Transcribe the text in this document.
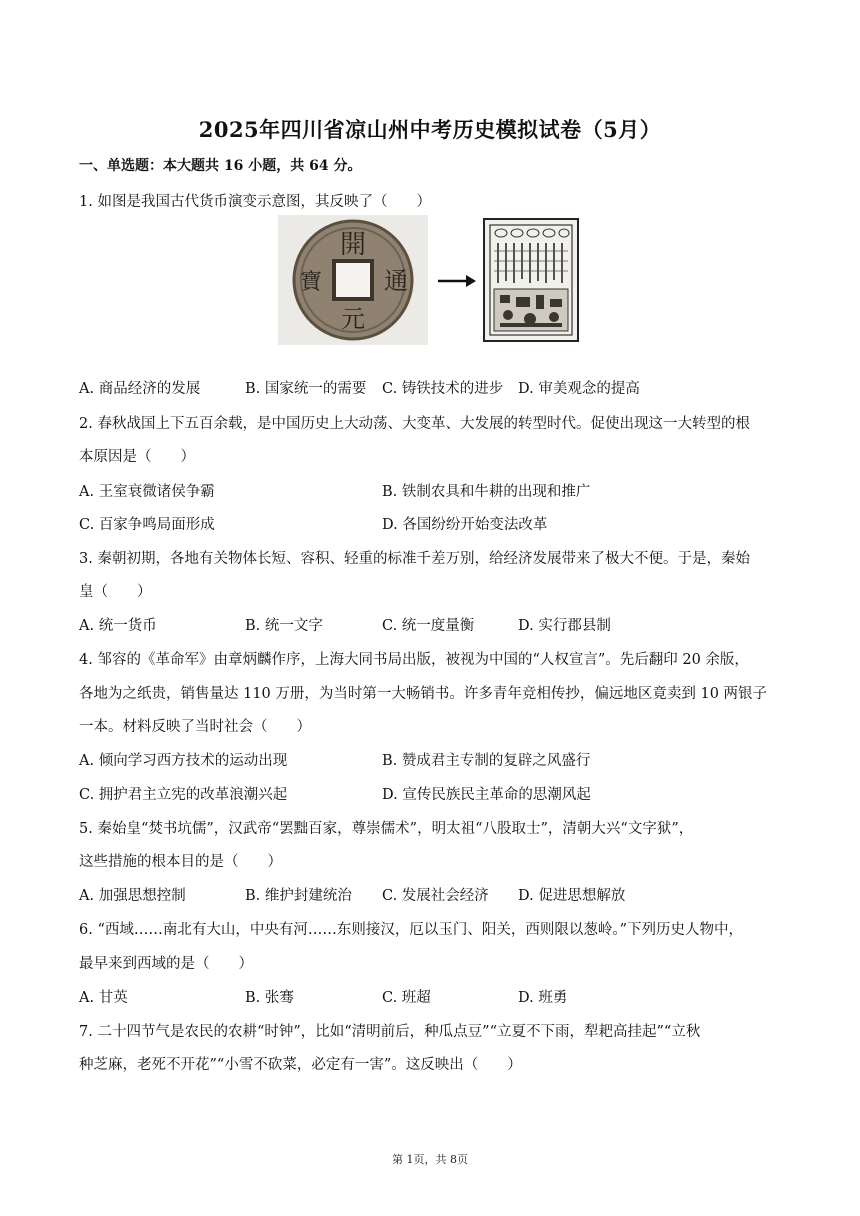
2025年四川省凉山州中考历史模拟试卷（5月）
一、单选题：本大题共 16 小题，共 64 分。
1. 如图是我国古代货币演变示意图，其反映了（　　）
開
通
元
寶
A. 商品经济的发展	B. 国家统一的需要 C. 铸铁技术的进步 D. 审美观念的提高
2. 春秋战国上下五百余载，是中国历史上大动荡、大变革、大发展的转型时代。促使出现这一大转型的根
本原因是（　　）
A. 王室衰微诸侯争霸	B. 铁制农具和牛耕的出现和推广
C. 百家争鸣局面形成	D. 各国纷纷开始变法改革
3. 秦朝初期，各地有关物体长短、容积、轻重的标准千差万别，给经济发展带来了极大不便。于是，秦始
皇（　　）
A. 统一货币	B. 统一文字	C. 统一度量衡	D. 实行郡县制
4. 邹容的《革命军》由章炳麟作序，上海大同书局出版，被视为中国的“人权宣言”。先后翻印 20 余版，
各地为之纸贵，销售量达 110 万册，为当时第一大畅销书。许多青年竞相传抄，偏远地区竟卖到 10 两银子
一本。材料反映了当时社会（　　）
A. 倾向学习西方技术的运动出现	B. 赞成君主专制的复辟之风盛行
C. 拥护君主立宪的改革浪潮兴起	D. 宣传民族民主革命的思潮风起
5. 秦始皇“焚书坑儒”，汉武帝“罢黜百家，尊崇儒术”，明太祖“八股取士”，清朝大兴“文字狱”，
这些措施的根本目的是（　　）
A. 加强思想控制	B. 维护封建统治 C. 发展社会经济 D. 促进思想解放
6. “西域……南北有大山，中央有河……东则接汉，厄以玉门、阳关，西则限以葱岭。”下列历史人物中，
最早来到西域的是（　　）
A. 甘英	B. 张骞	C. 班超	D. 班勇
7. 二十四节气是农民的农耕“时钟”，比如“清明前后，种瓜点豆”“立夏不下雨，犁耙高挂起”“立秋
种芝麻，老死不开花”“小雪不砍菜，必定有一害”。这反映出（　　）
第 1页，共 8页
